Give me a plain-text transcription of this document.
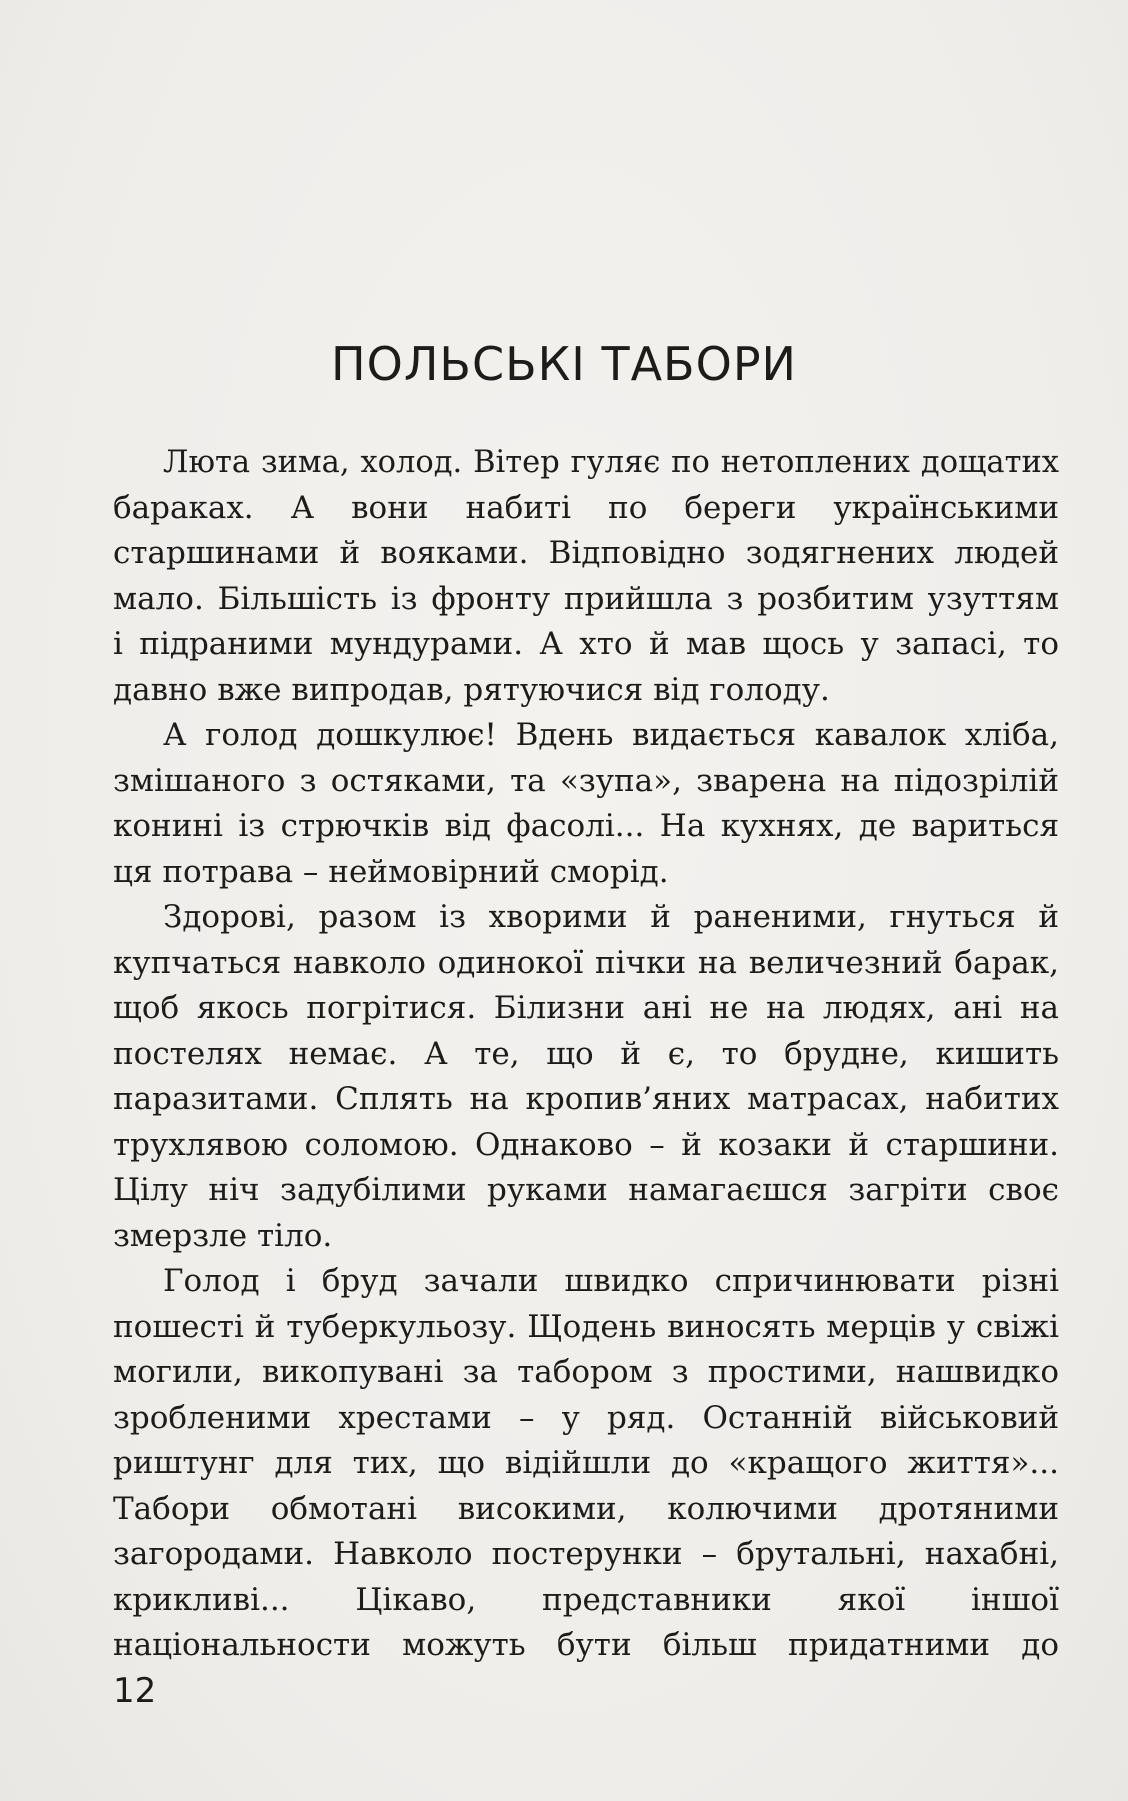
ПОЛЬСЬКІ ТАБОРИ

Люта зима, холод. Вітер гуляє по нетоплених дощатих
бараках. А вони набиті по береги українськими
старшинами й вояками. Відповідно зодягнених людей
мало. Більшість із фронту прийшла з розбитим узуттям
і підраними мундурами. А хто й мав щось у запасі, то
давно вже випродав, рятуючися від голоду.

А голод дошкулює! Вдень видається кавалок хліба,
змішаного з остяками, та «зупа», зварена на підозрілій
конині із стрючків від фасолі... На кухнях, де вариться
ця потрава – неймовірний сморід.

Здорові, разом із хворими й раненими, гнуться й
купчаться навколо одинокої пічки на величезний барак,
щоб якось погрітися. Білизни ані не на людях, ані на
постелях немає. А те, що й є, то брудне, кишить
паразитами. Сплять на кропив’яних матрасах, набитих
трухлявою соломою. Однаково – й козаки й старшини.
Цілу ніч задубілими руками намагаєшся загріти своє
змерзле тіло.

Голод і бруд зачали швидко спричинювати різні
пошесті й туберкульозу. Щодень виносять мерців у свіжі
могили, викопувані за табором з простими, нашвидко
зробленими хрестами – у ряд. Останній військовий
риштунг для тих, що відійшли до «кращого життя»...
Табори обмотані високими, колючими дротяними
загородами. Навколо постерунки – брутальні, нахабні,
крикливі... Цікаво, представники якої іншої
національности можуть бути більш придатними до

12
